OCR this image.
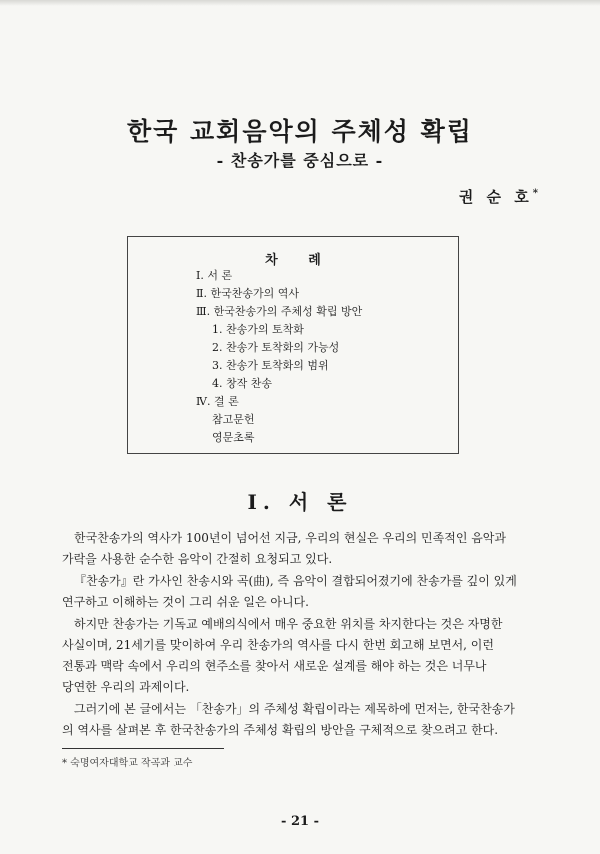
한국 교회음악의 주체성 확립
- 찬송가를 중심으로 -
권 순 호*
차 례
Ⅰ. 서 론
Ⅱ. 한국찬송가의 역사
Ⅲ. 한국찬송가의 주체성 확립 방안
1. 찬송가의 토착화
2. 찬송가 토착화의 가능성
3. 찬송가 토착화의 범위
4. 창작 찬송
Ⅳ. 결 론
참고문헌
영문초록
Ⅰ. 서 론

한국찬송가의 역사가 100년이 넘어선 지금, 우리의 현실은 우리의 민족적인 음악과
가락을 사용한 순수한 음악이 간절히 요청되고 있다.

『찬송가』란 가사인 찬송시와 곡(曲), 즉 음악이 결합되어졌기에 찬송가를 깊이 있게
연구하고 이해하는 것이 그리 쉬운 일은 아니다.

하지만 찬송가는 기독교 예배의식에서 매우 중요한 위치를 차지한다는 것은 자명한
사실이며, 21세기를 맞이하여 우리 찬송가의 역사를 다시 한번 회고해 보면서, 이런
전통과 맥락 속에서 우리의 현주소를 찾아서 새로운 설계를 해야 하는 것은 너무나
당연한 우리의 과제이다.

그러기에 본 글에서는 「찬송가」의 주체성 확립이라는 제목하에 먼저는, 한국찬송가
의 역사를 살펴본 후 한국찬송가의 주체성 확립의 방안을 구체적으로 찾으려고 한다.

* 숙명여자대학교 작곡과 교수
- 21 -
